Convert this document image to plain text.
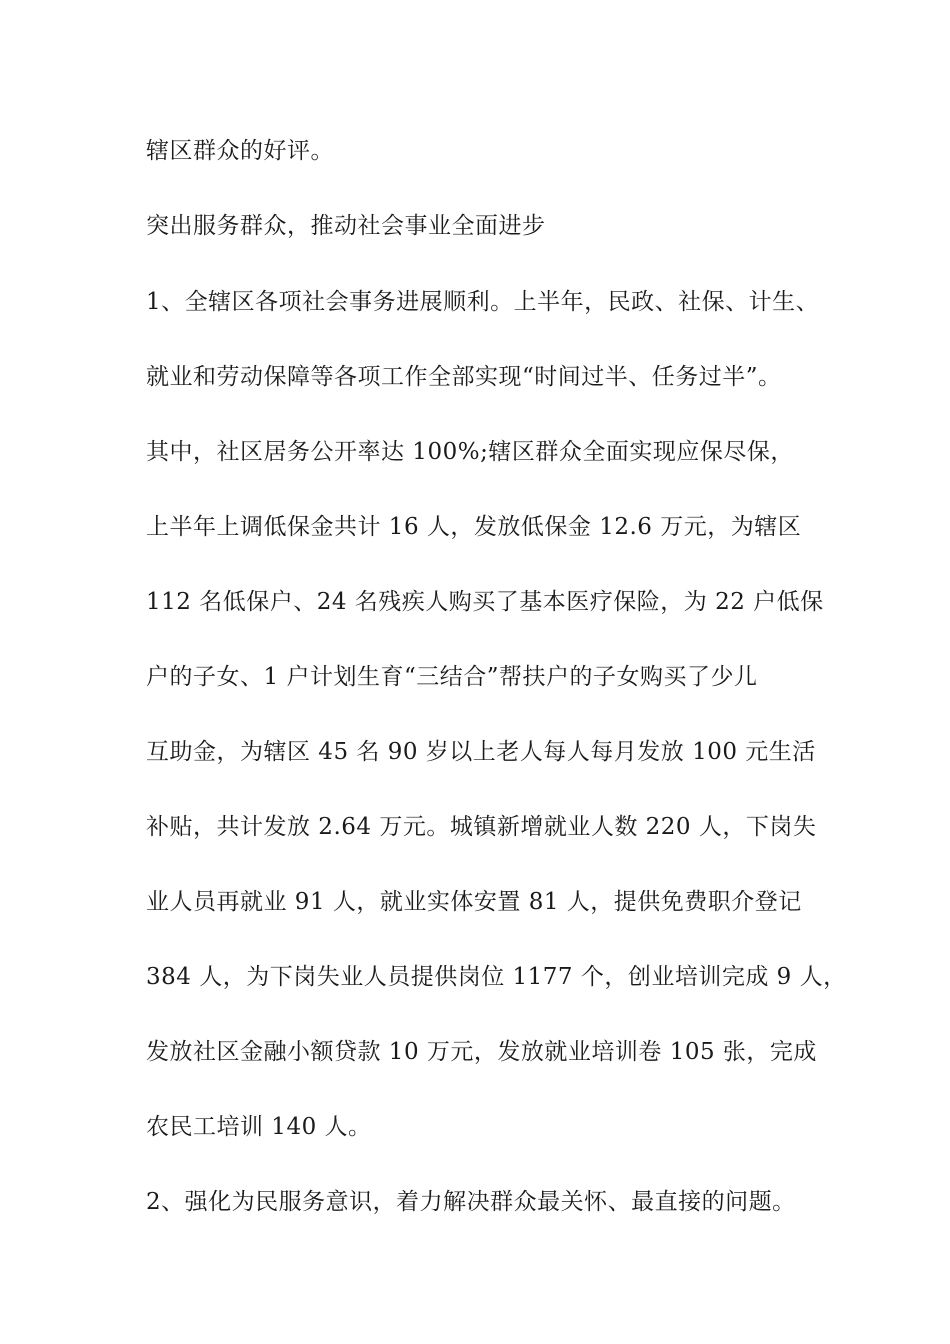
辖区群众的好评。
突出服务群众，推动社会事业全面进步
1、全辖区各项社会事务进展顺利。上半年，民政、社保、计生、
就业和劳动保障等各项工作全部实现“时间过半、任务过半”。
其中，社区居务公开率达 100%;辖区群众全面实现应保尽保，
上半年上调低保金共计 16 人，发放低保金 12.6 万元，为辖区
112 名低保户、24 名残疾人购买了基本医疗保险，为 22 户低保
户的子女、1 户计划生育“三结合”帮扶户的子女购买了少儿
互助金，为辖区 45 名 90 岁以上老人每人每月发放 100 元生活
补贴，共计发放 2.64 万元。城镇新增就业人数 220 人，下岗失
业人员再就业 91 人，就业实体安置 81 人，提供免费职介登记
384 人，为下岗失业人员提供岗位 1177 个，创业培训完成 9 人，
发放社区金融小额贷款 10 万元，发放就业培训卷 105 张，完成
农民工培训 140 人。
2、强化为民服务意识，着力解决群众最关怀、最直接的问题。
